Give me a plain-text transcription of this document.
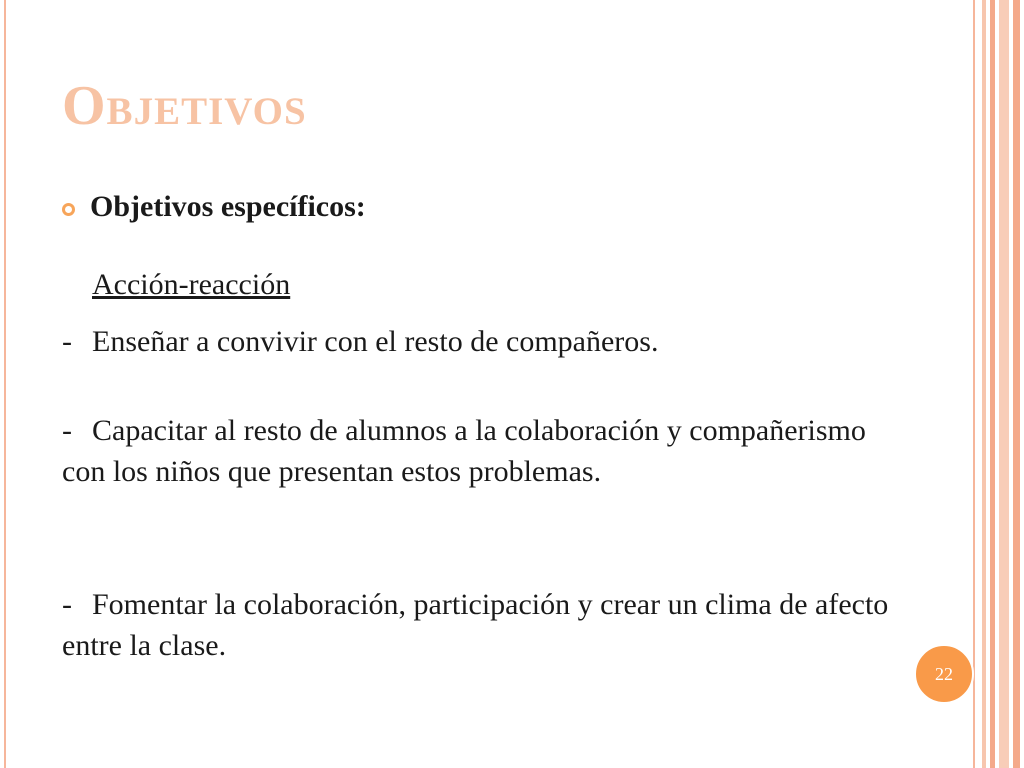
Objetivos
Objetivos específicos:
Acción-reacción
- Enseñar a convivir con el resto de compañeros.
- Capacitar al resto de alumnos a la colaboración y compañerismo con los niños que presentan estos problemas.
- Fomentar la colaboración, participación y crear un clima de afecto entre la clase.
22
